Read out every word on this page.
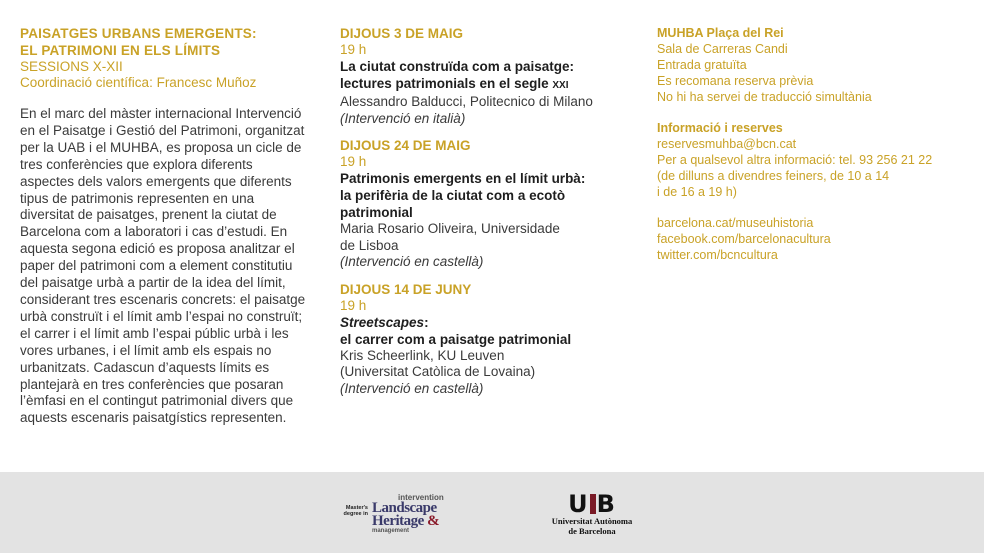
PAISATGES URBANS EMERGENTS:
EL PATRIMONI EN ELS LÍMITS
SESSIONS X-XII
Coordinació científica: Francesc Muñoz
En el marc del màster internacional Intervenció
en el Paisatge i Gestió del Patrimoni, organitzat
per la UAB i el MUHBA, es proposa un cicle de
tres conferències que explora diferents
aspectes dels valors emergents que diferents
tipus de patrimonis representen en una
diversitat de paisatges, prenent la ciutat de
Barcelona com a laboratori i cas d’estudi. En
aquesta segona edició es proposa analitzar el
paper del patrimoni com a element constitutiu
del paisatge urbà a partir de la idea del límit,
considerant tres escenaris concrets: el paisatge
urbà construït i el límit amb l’espai no construït;
el carrer i el límit amb l’espai públic urbà i les
vores urbanes, i el límit amb els espais no
urbanitzats. Cadascun d’aquests límits es
plantejarà en tres conferències que posaran
l’èmfasi en el contingut patrimonial divers que
aquests escenaris paisatgístics representen.
DIJOUS 3 DE MAIG
19 h
La ciutat construïda com a paisatge:
lectures patrimonials en el segle XXI
Alessandro Balducci, Politecnico di Milano
(Intervenció en italià)
DIJOUS 24 DE MAIG
19 h
Patrimonis emergents en el límit urbà:
la perifèria de la ciutat com a ecotò
patrimonial
Maria Rosario Oliveira, Universidade
de Lisboa
(Intervenció en castellà)
DIJOUS 14 DE JUNY
19 h
Streetscapes:
el carrer com a paisatge patrimonial
Kris Scheerlink, KU Leuven
(Universitat Catòlica de Lovaina)
(Intervenció en castellà)
MUHBA Plaça del Rei
Sala de Carreras Candi
Entrada gratuïta
Es recomana reserva prèvia
No hi ha servei de traducció simultània
Informació i reserves
reservesmuhba@bcn.cat
Per a qualsevol altra informació: tel. 93 256 21 22
(de dilluns a divendres feiners, de 10 a 14
i de 16 a 19 h)
barcelona.cat/museuhistoria
facebook.com/barcelonacultura
twitter.com/bcncultura
Master's degree in
intervention
Landscape
Heritage &
management
U B
Universitat Autònoma
de Barcelona
